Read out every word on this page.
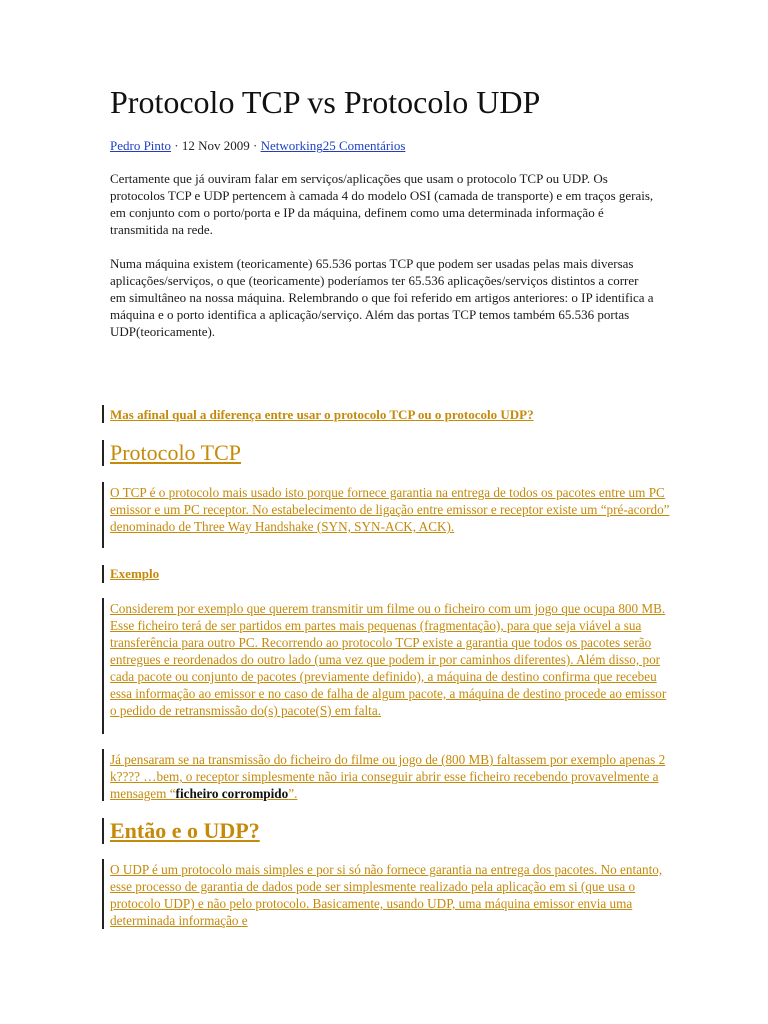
Protocolo TCP vs Protocolo UDP
Pedro Pinto · 12 Nov 2009 · Networking25 Comentários

Certamente que já ouviram falar em serviços/aplicações que usam o protocolo TCP ou UDP. Os protocolos TCP e UDP pertencem à camada 4 do modelo OSI (camada de transporte) e em traços gerais, em conjunto com o porto/porta e IP da máquina, definem como uma determinada informação é transmitida na rede.

Numa máquina existem (teoricamente) 65.536 portas TCP que podem ser usadas pelas mais diversas aplicações/serviços, o que (teoricamente) poderíamos ter 65.536 aplicações/serviços distintos a correr em simultâneo na nossa máquina. Relembrando o que foi referido em artigos anteriores: o IP identifica a máquina e o porto identifica a aplicação/serviço. Além das portas TCP temos também 65.536 portas UDP(teoricamente).

Mas afinal qual a diferença entre usar o protocolo TCP ou o protocolo UDP?
Protocolo TCP

O TCP é o protocolo mais usado isto porque fornece garantia na entrega de todos os pacotes entre um PC emissor e um PC receptor. No estabelecimento de ligação entre emissor e receptor existe um “pré-acordo” denominado de Three Way Handshake (SYN, SYN-ACK, ACK).

Exemplo

Considerem por exemplo que querem transmitir um filme ou o ficheiro com um jogo que ocupa 800 MB. Esse ficheiro terá de ser partidos em partes mais pequenas (fragmentação), para que seja viável a sua transferência para outro PC. Recorrendo ao protocolo TCP existe a garantia que todos os pacotes serão entregues e reordenados do outro lado (uma vez que podem ir por caminhos diferentes). Além disso, por cada pacote ou conjunto de pacotes (previamente definido), a máquina de destino confirma que recebeu essa informação ao emissor e no caso de falha de algum pacote, a máquina de destino procede ao emissor o pedido de retransmissão do(s) pacote(S) em falta.

Já pensaram se na transmissão do ficheiro do filme ou jogo de (800 MB) faltassem por exemplo apenas 2 k???? …bem, o receptor simplesmente não iria conseguir abrir esse ficheiro recebendo provavelmente a mensagem “ficheiro corrompido”.

Então e o UDP?

O UDP é um protocolo mais simples e por si só não fornece garantia na entrega dos pacotes. No entanto, esse processo de garantia de dados pode ser simplesmente realizado pela aplicação em si (que usa o protocolo UDP) e não pelo protocolo. Basicamente, usando UDP, uma máquina emissor envia uma determinada informação e
